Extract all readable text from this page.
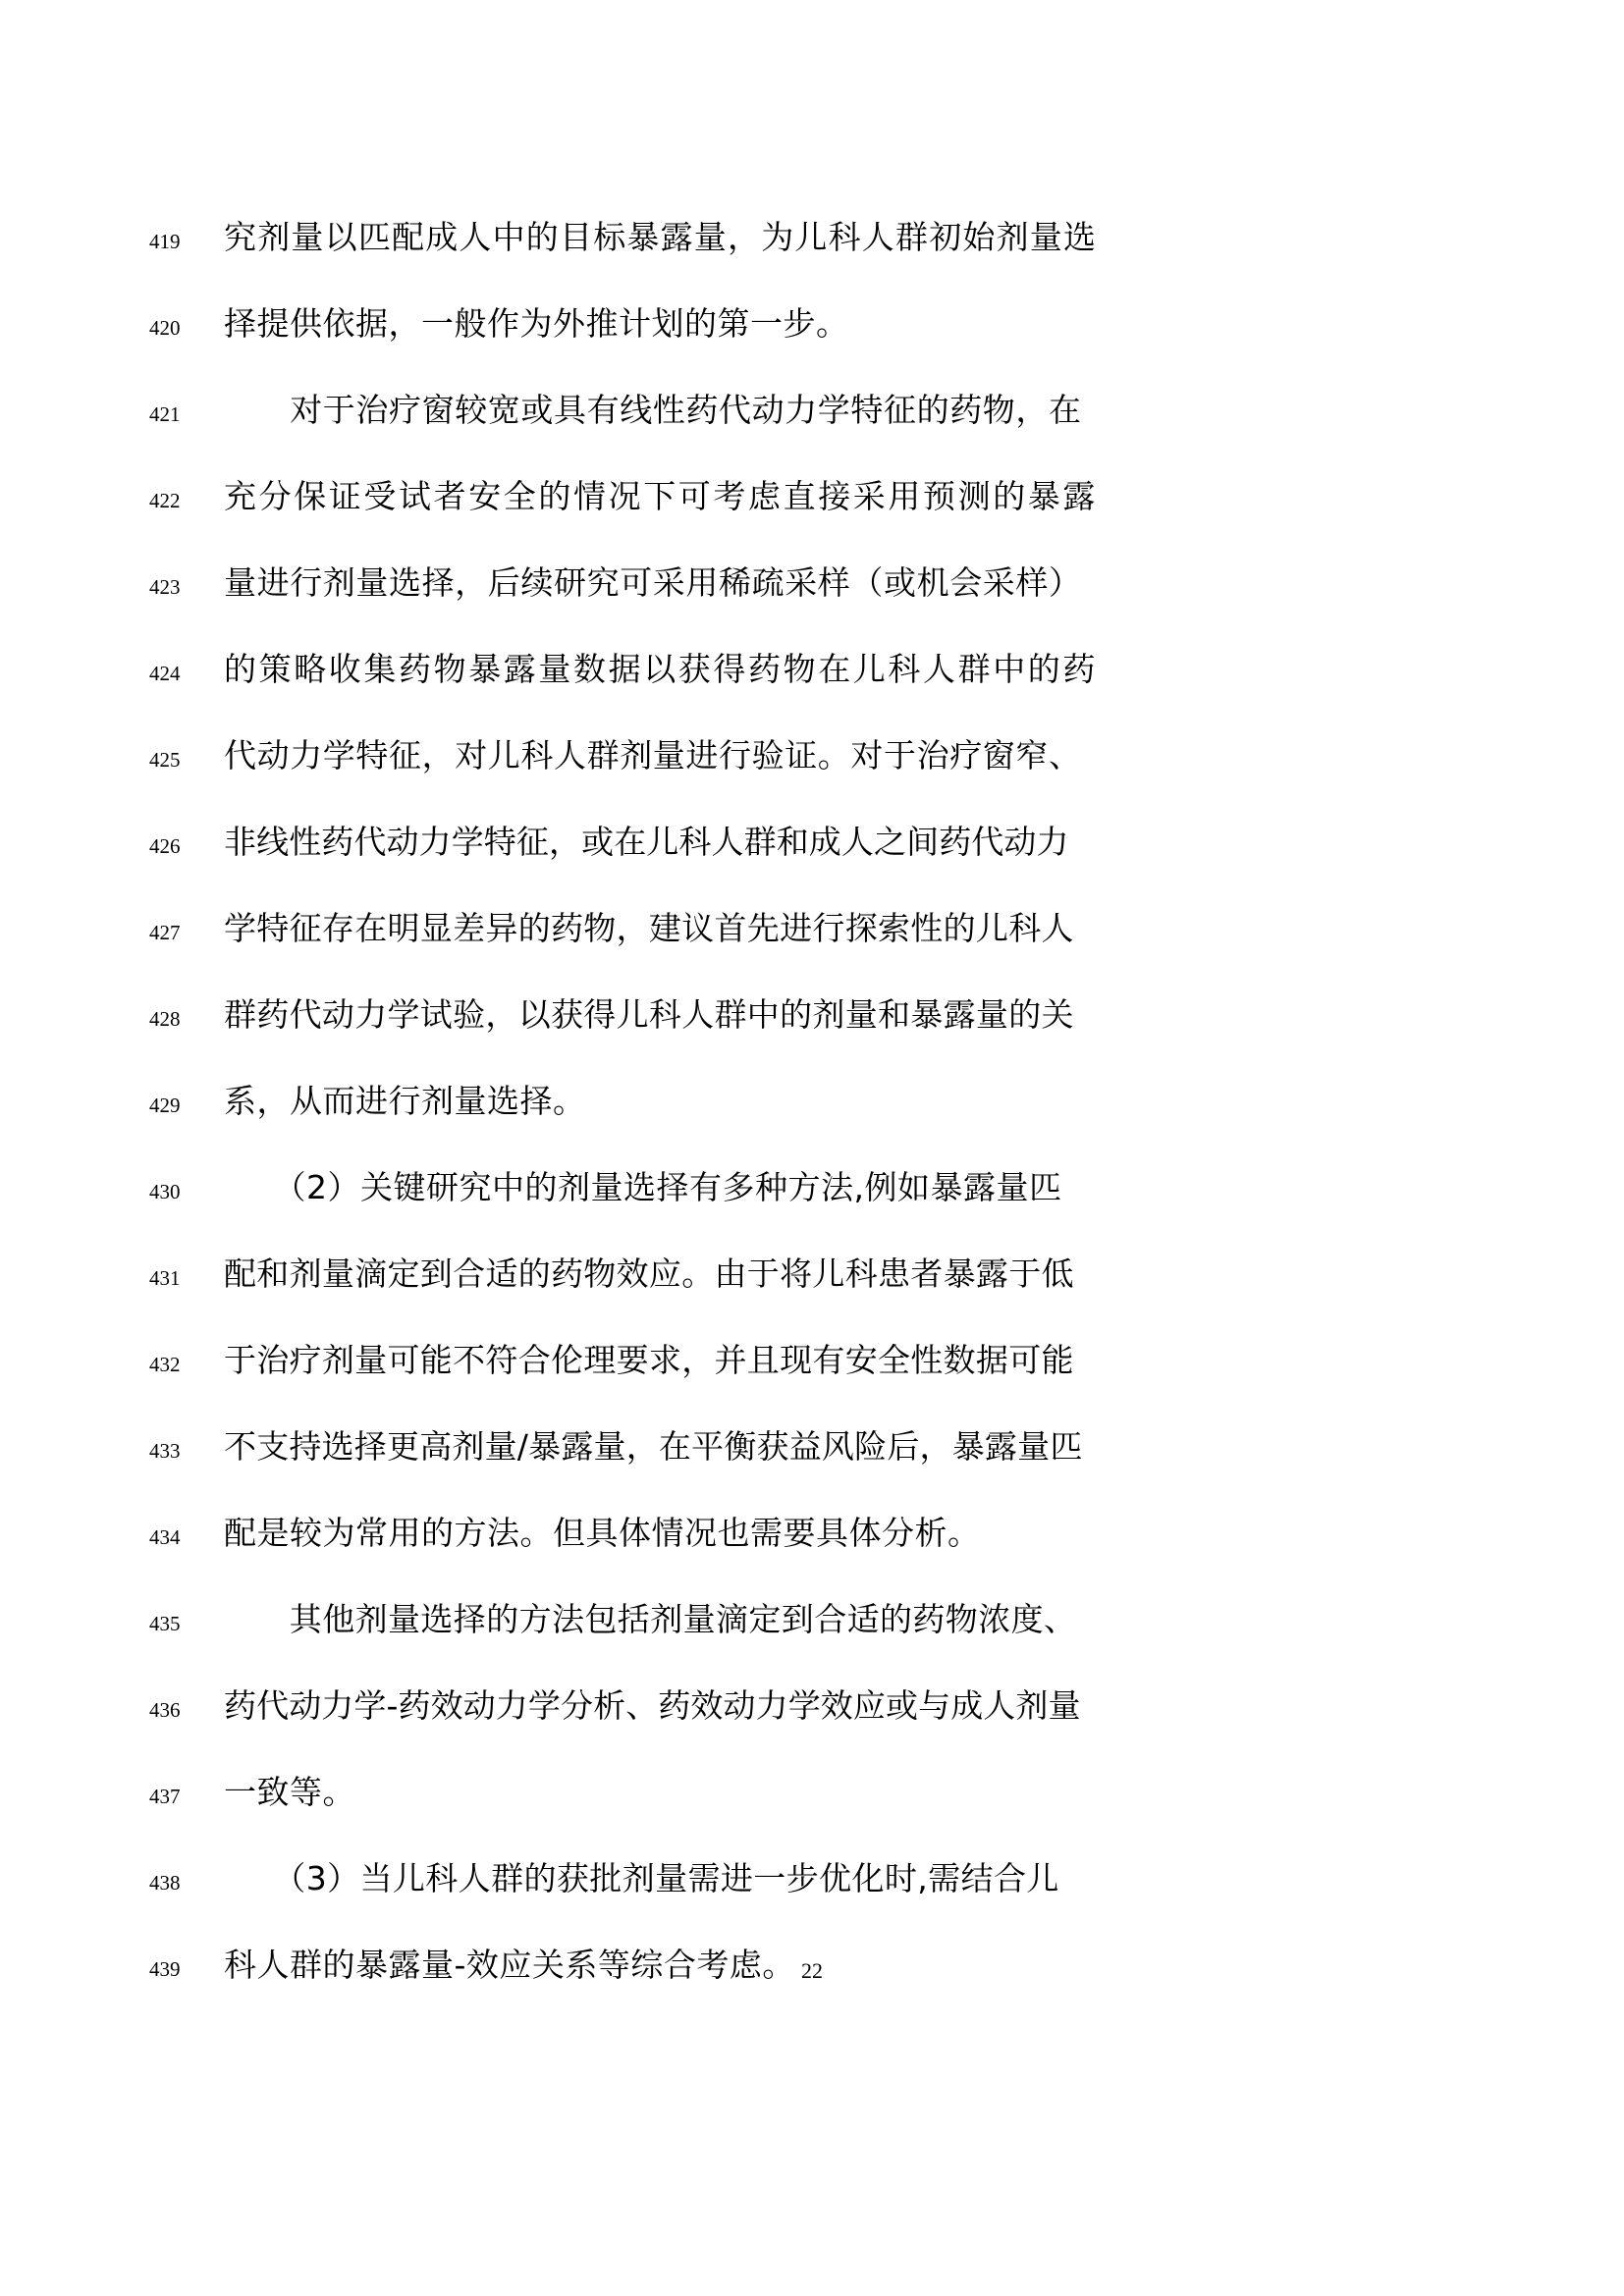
419	究剂量以匹配成人中的目标暴露量，为儿科人群初始剂量选
420	择提供依据，一般作为外推计划的第一步。
421	　　对于治疗窗较宽或具有线性药代动力学特征的药物，在
422	充分保证受试者安全的情况下可考虑直接采用预测的暴露
423	量进行剂量选择，后续研究可采用稀疏采样（或机会采样）
424	的策略收集药物暴露量数据以获得药物在儿科人群中的药
425	代动力学特征，对儿科人群剂量进行验证。对于治疗窗窄、
426	非线性药代动力学特征，或在儿科人群和成人之间药代动力
427	学特征存在明显差异的药物，建议首先进行探索性的儿科人
428	群药代动力学试验，以获得儿科人群中的剂量和暴露量的关
429	系，从而进行剂量选择。
430	　　（2）关键研究中的剂量选择有多种方法,例如暴露量匹
431	配和剂量滴定到合适的药物效应。由于将儿科患者暴露于低
432	于治疗剂量可能不符合伦理要求，并且现有安全性数据可能
433	不支持选择更高剂量/暴露量，在平衡获益风险后，暴露量匹
434	配是较为常用的方法。但具体情况也需要具体分析。
435	　　其他剂量选择的方法包括剂量滴定到合适的药物浓度、
436	药代动力学-药效动力学分析、药效动力学效应或与成人剂量
437	一致等。
438	　　（3）当儿科人群的获批剂量需进一步优化时,需结合儿
439	科人群的暴露量-效应关系等综合考虑。 22
